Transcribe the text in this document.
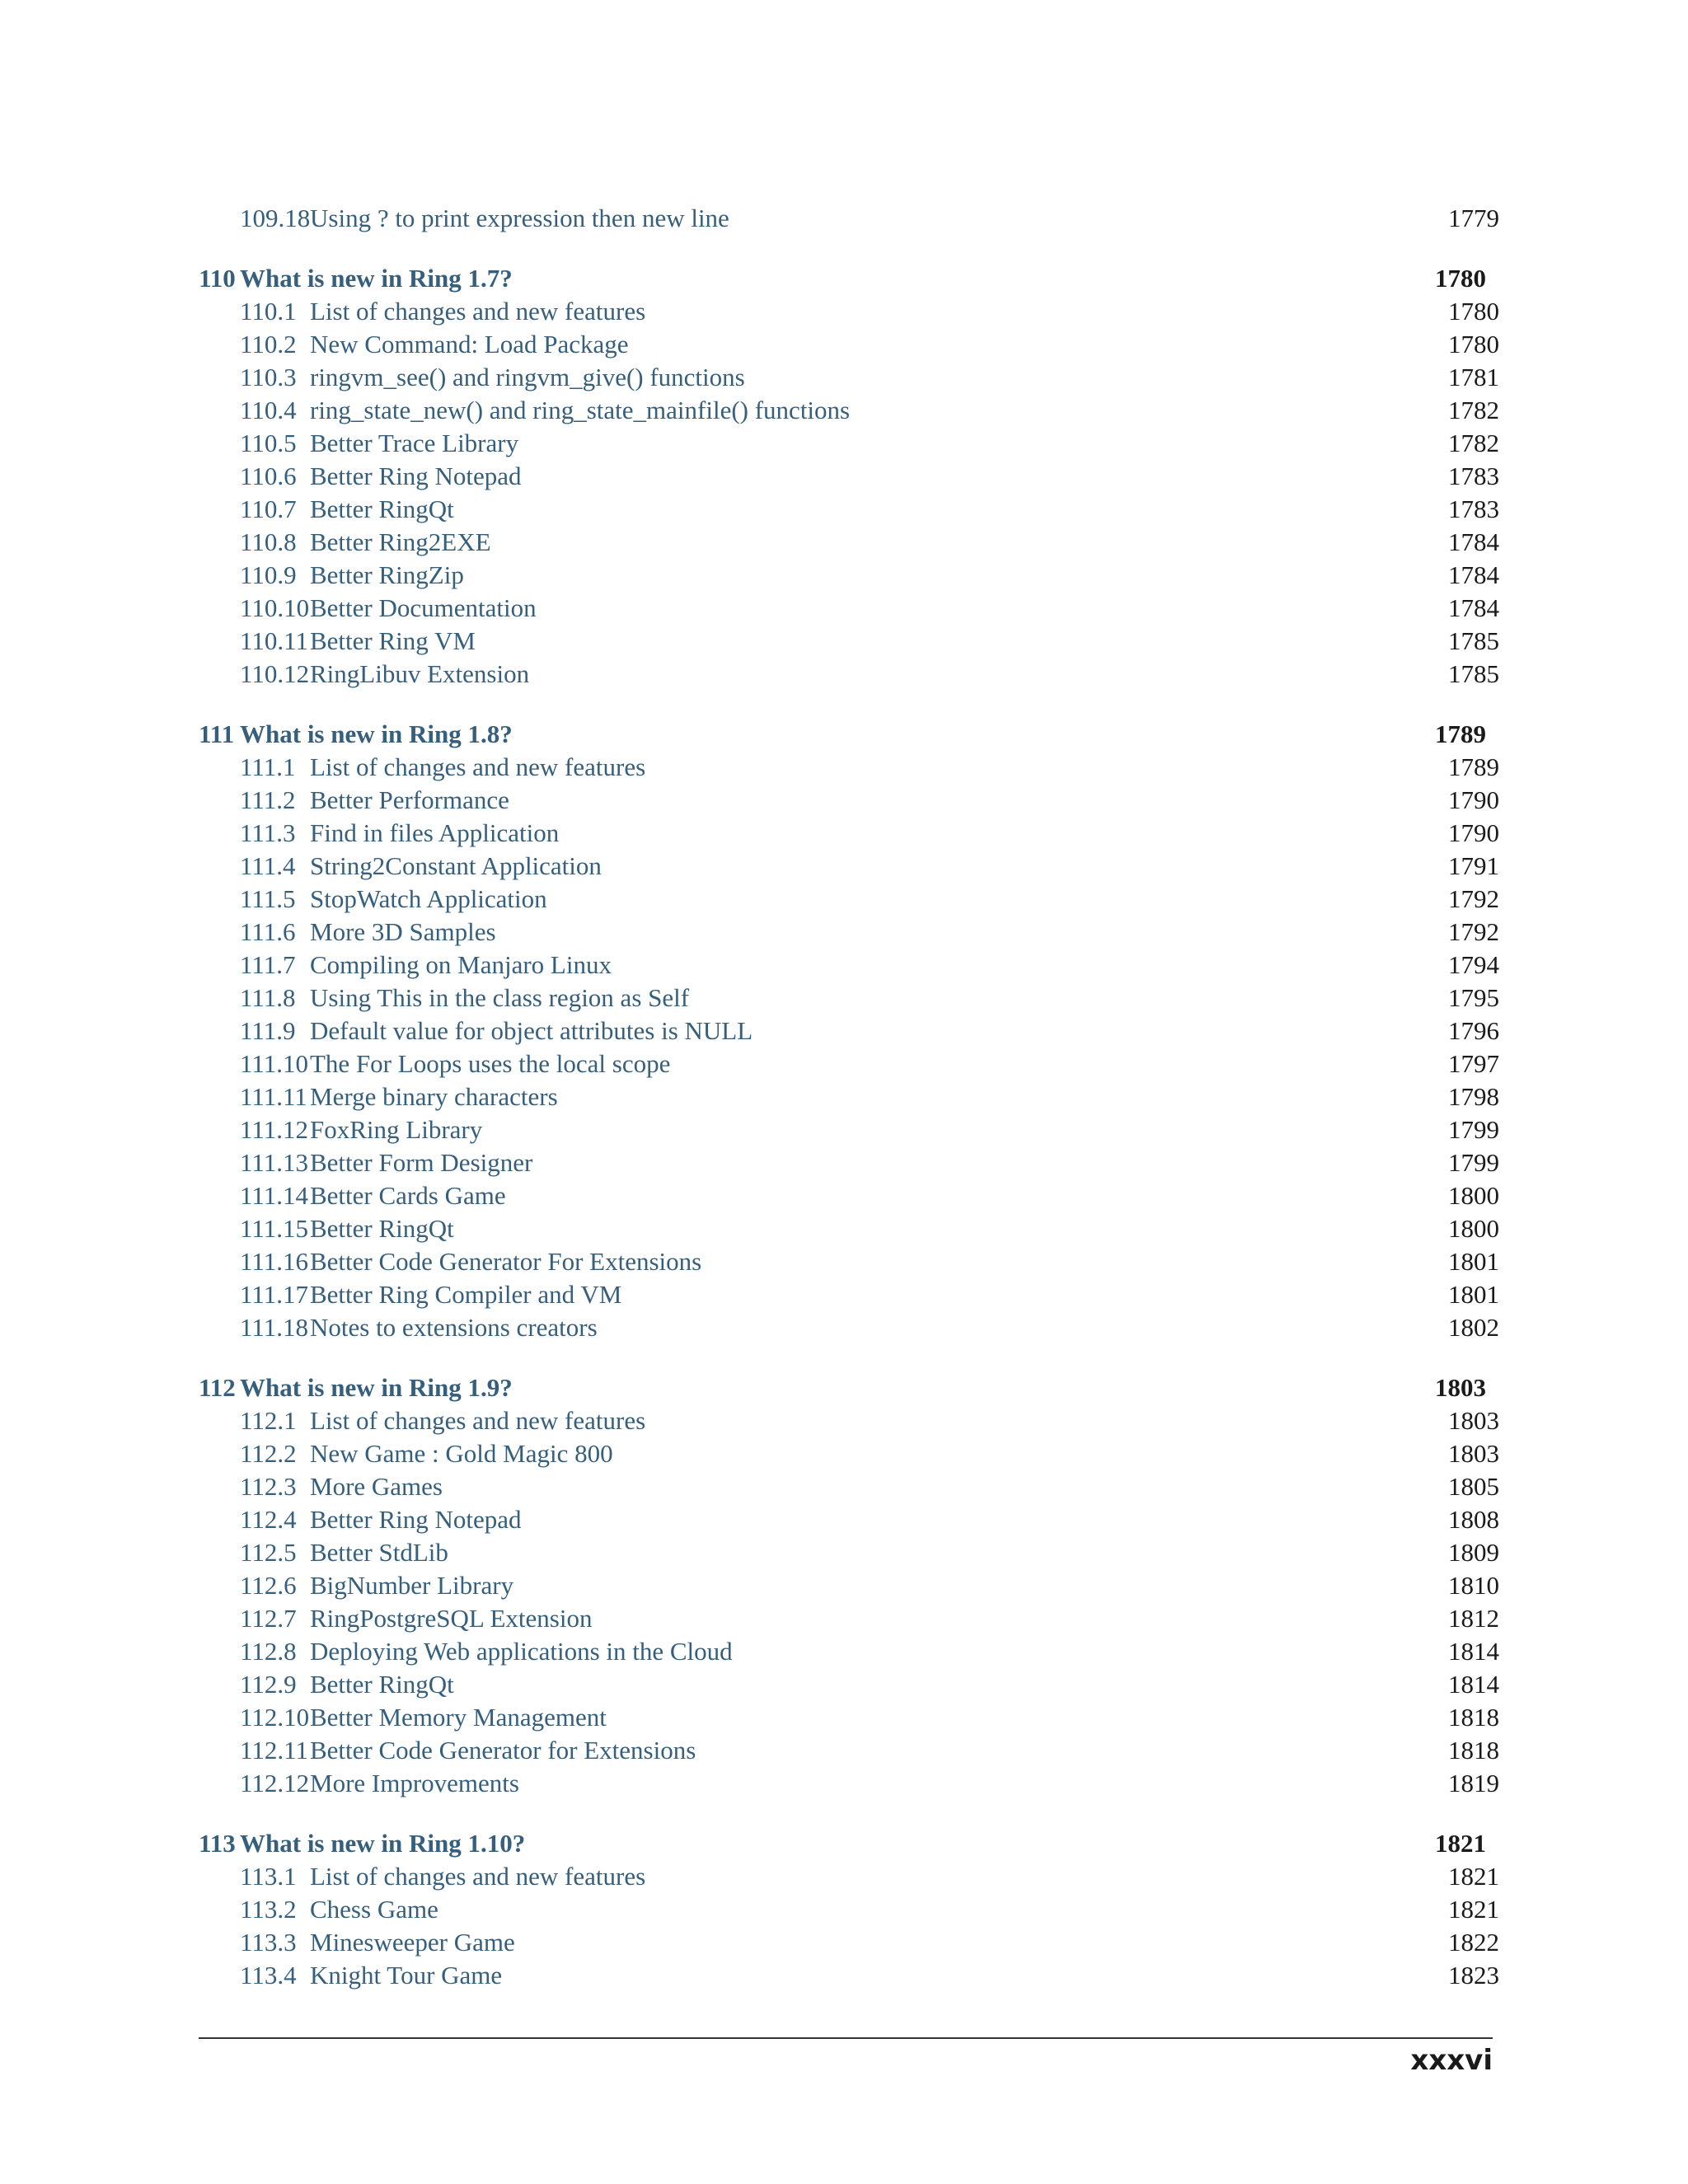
109.18 Using ? to print expression then new line	1779
110 What is new in Ring 1.7?	1780
110.1 List of changes and new features	1780
110.2 New Command: Load Package	1780
110.3 ringvm_see() and ringvm_give() functions	1781
110.4 ring_state_new() and ring_state_mainfile() functions	1782
110.5 Better Trace Library	1782
110.6 Better Ring Notepad	1783
110.7 Better RingQt	1783
110.8 Better Ring2EXE	1784
110.9 Better RingZip	1784
110.10 Better Documentation	1784
110.11 Better Ring VM	1785
110.12 RingLibuv Extension	1785
111 What is new in Ring 1.8?	1789
111.1 List of changes and new features	1789
111.2 Better Performance	1790
111.3 Find in files Application	1790
111.4 String2Constant Application	1791
111.5 StopWatch Application	1792
111.6 More 3D Samples	1792
111.7 Compiling on Manjaro Linux	1794
111.8 Using This in the class region as Self	1795
111.9 Default value for object attributes is NULL	1796
111.10 The For Loops uses the local scope	1797
111.11 Merge binary characters	1798
111.12 FoxRing Library	1799
111.13 Better Form Designer	1799
111.14 Better Cards Game	1800
111.15 Better RingQt	1800
111.16 Better Code Generator For Extensions	1801
111.17 Better Ring Compiler and VM	1801
111.18 Notes to extensions creators	1802
112 What is new in Ring 1.9?	1803
112.1 List of changes and new features	1803
112.2 New Game : Gold Magic 800	1803
112.3 More Games	1805
112.4 Better Ring Notepad	1808
112.5 Better StdLib	1809
112.6 BigNumber Library	1810
112.7 RingPostgreSQL Extension	1812
112.8 Deploying Web applications in the Cloud	1814
112.9 Better RingQt	1814
112.10 Better Memory Management	1818
112.11 Better Code Generator for Extensions	1818
112.12 More Improvements	1819
113 What is new in Ring 1.10?	1821
113.1 List of changes and new features	1821
113.2 Chess Game	1821
113.3 Minesweeper Game	1822
113.4 Knight Tour Game	1823
xxxvi
